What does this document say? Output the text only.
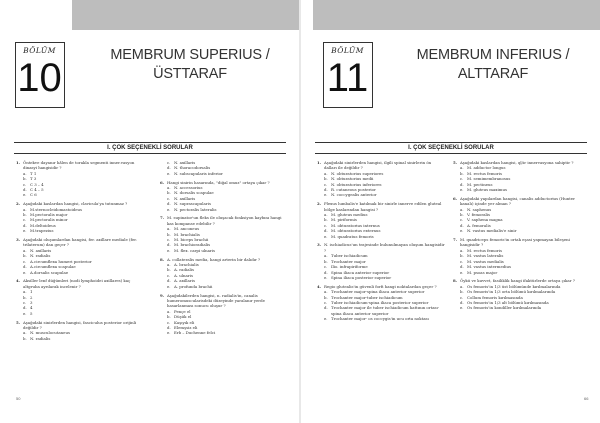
BÖLÜM
10
MEMBRUM SUPERIUS /
ÜSTTARAF
I. ÇOK SEÇENEKLİ SORULAR
1. Öntekve dayanır hâlen de torakla segmenti inner.vasyon dinasyi hangisidir ?
a. T 1
b. T 3
c. C 3 – 4
d. C 4 – 5
e. C 6
2. Aşağıdaki kaslardan hangisi, clavicula'ya tutunmaz ?
a. M.sternocleidomastoideus
b. M.pectoralis major
c. M.pectoralis minor
d. M.deltoideus
e. M.trapezius
3. Aşağıdaki oluşumlardan hangisi, fer. axillare mediale (fer. trilaterum) dan geçer ?
a. N. axillaris
b. N. radialis
c. A.circumflexa humeri posterior
d. A.circumflexa scapulae
e. A.dorsalis scapulae
4. Aksiller lenf düğümleri (nodi lymphoidei axillares) kaç altgruba ayrılarak incelenir ?
a. 1
b. 2
c. 3
d. 4
e. 5
5. Aşağıdaki sinirlerden hangisi, fasciculus posterior orijinli değildir ?
a. N. musculocutaneus
b. N. radialis
c. N. axillaris
d. N. thoracodorsalis
e. N. subscapularis inferior
6. Hangi sinirin hasarında, "diğal omuz" ortaya çıkar ?
a. N. accessorius
b. N. dorsalis scapulae
c. N. axillaris
d. N. suprascapularis
e. N. pectoralis lateralis
7. M. supinator'un fleks ile oluşacak fonksiyon kaybını hangi kas kompanse edebilir ?
a. M. anconeus
b. M. brachialis
c. M. biceps brachii
d. M. brachioradialis
e. M. flex. carpi ulnaris
8. A. collateralis media, hangi arterin bir dalıdır ?
a. A. brachialis
b. A. radialis
c. A. ulnaris
d. A. axillaris
e. A. profunda brachii
9. Aşağıdakilerden hangisi, n. radialis'in, canalis humeromuscularisdeki düzeyinde yaralanır yerde hasarlanması sonucu oluşur ?
a. Pençe el
b. Düşük el
c. Kaşıyık eli
d. Elemşsiz eli
e. Erb – Duchenne felci
50
BÖLÜM
11
MEMBRUM INFERIUS /
ALTTARAF
I. ÇOK SEÇENEKLİ SORULAR
1. Aşağıdaki sinirlerden hangisi, ilgili spinal sinirlerin ön dalları ile değildir ?
a. N. obturatorius superiores
b. N. obturatorius medii
c. N. obturatorius inferiores
d. R. cutaneous posterior
e. N. coccygealis anterior
2. Plexus lumbalis'e katılmak bir sinirle innerve edilen gluteal bölge kaslarından hangisi ?
a. M. gluteus medius
b. M. piriformis
c. M. obturatorius internus
d. M. obturatorius externus
e. M. quadratus femoris
3. N. ischiadicus'un trajesinde bulunulmayan oluşum hangisidir ?
a. Tuber ischiadicum
b. Trochanter major
c. Ilio. infrapiriforme
d. Spina iliaca anterior superior
e. Spina iliaca posterior superior
4. Regio glutealis'in güvenli forfi hangi noktalardan geçer ?
a. Trochanter major-spina iliaca anterior superior
b. Trochanter major-tuber ischiadicum
c. Tuber ischiadicum-spina iliaca posterior superior
d. Trochanter major ile tuber ischiadicum hattının ortası-spina iliaca anterior superior
e. Trochanter major- os coccygis'in ucu orta noktası
5. Aşağıdaki kaslardan hangisi, ql/ir innervasyona sahiptir ?
a. M. adductor longus
b. M. rectus femoris
c. M. semimembranosus
d. M. pectineus
e. M. gluteus maximus
6. Aşağıdaki yapılardan hangisi, canalis adductorius (Hunter kanalı) içinde yer alman ?
a. N. saphenus
b. V. femoralis
c. V. saphena magna
d. A. femoralis
e. N. vastus medialis'e sinir
7. M. quadriceps femoris'in ortak eşasi yapmayan bileşeni hangisidir ?
a. M. rectus femoris
b. M. vastus lateralis
c. M. vastus medialis
d. M. vastus intermedius
e. M. psoas major
8. Öykü ve kuvvet, fasiliklik hangi ifaktürlerde ortaya çıkar ?
a. Os femoris'in 1/3 üst bölümünde kırılmalarında
b. Os femoris'in 1/3 orta bölümü kırılmalarında
c. Collum femoris kırılmasında
d. Os femoris'in 1/3 alt bölümü kırılmasında
e. Os femoris'in kondiller kırılmalarında
66
